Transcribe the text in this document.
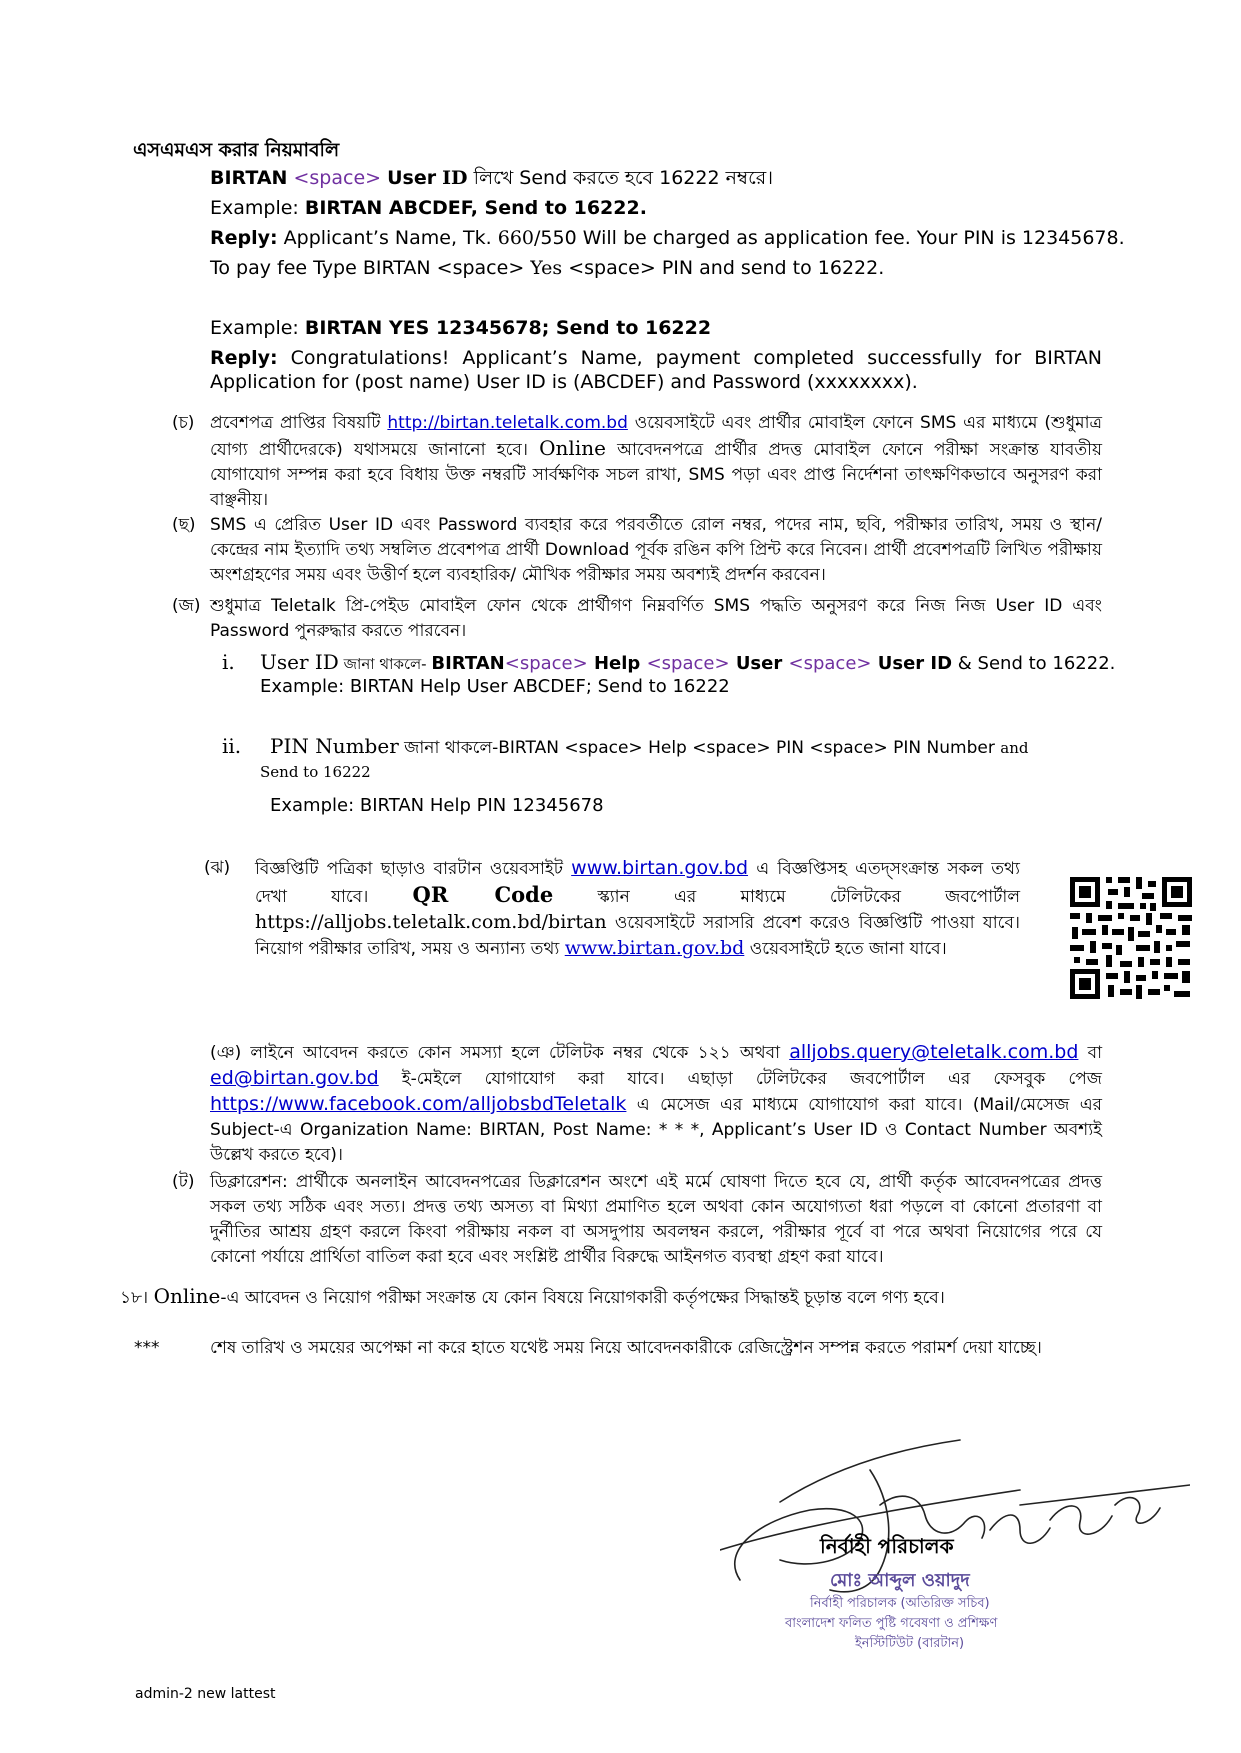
এসএমএস করার নিয়মাবলি
BIRTAN <space> User ID লিখে Send করতে হবে 16222 নম্বরে।
Example: BIRTAN ABCDEF, Send to 16222.
Reply: Applicant’s Name, Tk. 660/550 Will be charged as application fee. Your PIN is 12345678.
To pay fee Type BIRTAN <space> Yes <space> PIN and send to 16222.
Example: BIRTAN YES 12345678; Send to 16222
Reply: Congratulations! Applicant’s Name, payment completed successfully for BIRTAN
Application for (post name) User ID is (ABCDEF) and Password (xxxxxxxx).
(চ) প্রবেশপত্র প্রাপ্তির বিষয়টি http://birtan.teletalk.com.bd ওয়েবসাইটে এবং প্রার্থীর মোবাইল ফোনে SMS এর মাধ্যমে (শুধুমাত্র যোগ্য প্রার্থীদেরকে) যথাসময়ে জানানো হবে। Online আবেদনপত্রে প্রার্থীর প্রদত্ত মোবাইল ফোনে পরীক্ষা সংক্রান্ত যাবতীয় যোগাযোগ সম্পন্ন করা হবে বিধায় উক্ত নম্বরটি সার্বক্ষণিক সচল রাখা, SMS পড়া এবং প্রাপ্ত নির্দেশনা তাৎক্ষণিকভাবে অনুসরণ করা বাঞ্ছনীয়।
(ছ) SMS এ প্রেরিত User ID এবং Password ব্যবহার করে পরবর্তীতে রোল নম্বর, পদের নাম, ছবি, পরীক্ষার তারিখ, সময় ও স্থান/ কেন্দ্রের নাম ইত্যাদি তথ্য সম্বলিত প্রবেশপত্র প্রার্থী Download পূর্বক রঙিন কপি প্রিন্ট করে নিবেন। প্রার্থী প্রবেশপত্রটি লিখিত পরীক্ষায় অংশগ্রহণের সময় এবং উত্তীর্ণ হলে ব্যবহারিক/ মৌখিক পরীক্ষার সময় অবশ্যই প্রদর্শন করবেন।
(জ) শুধুমাত্র Teletalk প্রি-পেইড মোবাইল ফোন থেকে প্রার্থীগণ নিম্নবর্ণিত SMS পদ্ধতি অনুসরণ করে নিজ নিজ User ID এবং Password পুনরুদ্ধার করতে পারবেন।
i. User ID জানা থাকলে- BIRTAN<space> Help <space> User <space> User ID & Send to 16222.
Example: BIRTAN Help User ABCDEF; Send to 16222
ii. PIN Number জানা থাকলে-BIRTAN <space> Help <space> PIN <space> PIN Number and
Send to 16222
Example: BIRTAN Help PIN 12345678
(ঝ) বিজ্ঞপ্তিটি পত্রিকা ছাড়াও বারটান ওয়েবসাইট www.birtan.gov.bd এ বিজ্ঞপ্তিসহ এতদ্সংক্রান্ত সকল তথ্য দেখা যাবে। QR Code স্ক্যান এর মাধ্যমে টেলিটকের জবপোর্টাল https://alljobs.teletalk.com.bd/birtan ওয়েবসাইটে সরাসরি প্রবেশ করেও বিজ্ঞপ্তিটি পাওয়া যাবে। নিয়োগ পরীক্ষার তারিখ, সময় ও অন্যান্য তথ্য www.birtan.gov.bd ওয়েবসাইটে হতে জানা যাবে।
(ঞ) লাইনে আবেদন করতে কোন সমস্যা হলে টেলিটক নম্বর থেকে ১২১ অথবা alljobs.query@teletalk.com.bd বা ed@birtan.gov.bd ই-মেইলে যোগাযোগ করা যাবে। এছাড়া টেলিটকের জবপোর্টাল এর ফেসবুক পেজ https://www.facebook.com/alljobsbdTeletalk এ মেসেজ এর মাধ্যমে যোগাযোগ করা যাবে। (Mail/মেসেজ এর Subject-এ Organization Name: BIRTAN, Post Name: * * *, Applicant’s User ID ও Contact Number অবশ্যই উল্লেখ করতে হবে)।
(ট) ডিক্লারেশন: প্রার্থীকে অনলাইন আবেদনপত্রের ডিক্লারেশন অংশে এই মর্মে ঘোষণা দিতে হবে যে, প্রার্থী কর্তৃক আবেদনপত্রের প্রদত্ত সকল তথ্য সঠিক এবং সত্য। প্রদত্ত তথ্য অসত্য বা মিথ্যা প্রমাণিত হলে অথবা কোন অযোগ্যতা ধরা পড়লে বা কোনো প্রতারণা বা দুর্নীতির আশ্রয় গ্রহণ করলে কিংবা পরীক্ষায় নকল বা অসদুপায় অবলম্বন করলে, পরীক্ষার পূর্বে বা পরে অথবা নিয়োগের পরে যে কোনো পর্যায়ে প্রার্থিতা বাতিল করা হবে এবং সংশ্লিষ্ট প্রার্থীর বিরুদ্ধে আইনগত ব্যবস্থা গ্রহণ করা যাবে।
১৮। Online-এ আবেদন ও নিয়োগ পরীক্ষা সংক্রান্ত যে কোন বিষয়ে নিয়োগকারী কর্তৃপক্ষের সিদ্ধান্তই চূড়ান্ত বলে গণ্য হবে।
***	শেষ তারিখ ও সময়ের অপেক্ষা না করে হাতে যথেষ্ট সময় নিয়ে আবেদনকারীকে রেজিস্ট্রেশন সম্পন্ন করতে পরামর্শ দেয়া যাচ্ছে।
নির্বাহী পরিচালক
মোঃ আব্দুল ওয়াদুদ
নির্বাহী পরিচালক (অতিরিক্ত সচিব)
বাংলাদেশ ফলিত পুষ্টি গবেষণা ও প্রশিক্ষণ
ইনস্টিটিউট (বারটান)
admin-2 new lattest
